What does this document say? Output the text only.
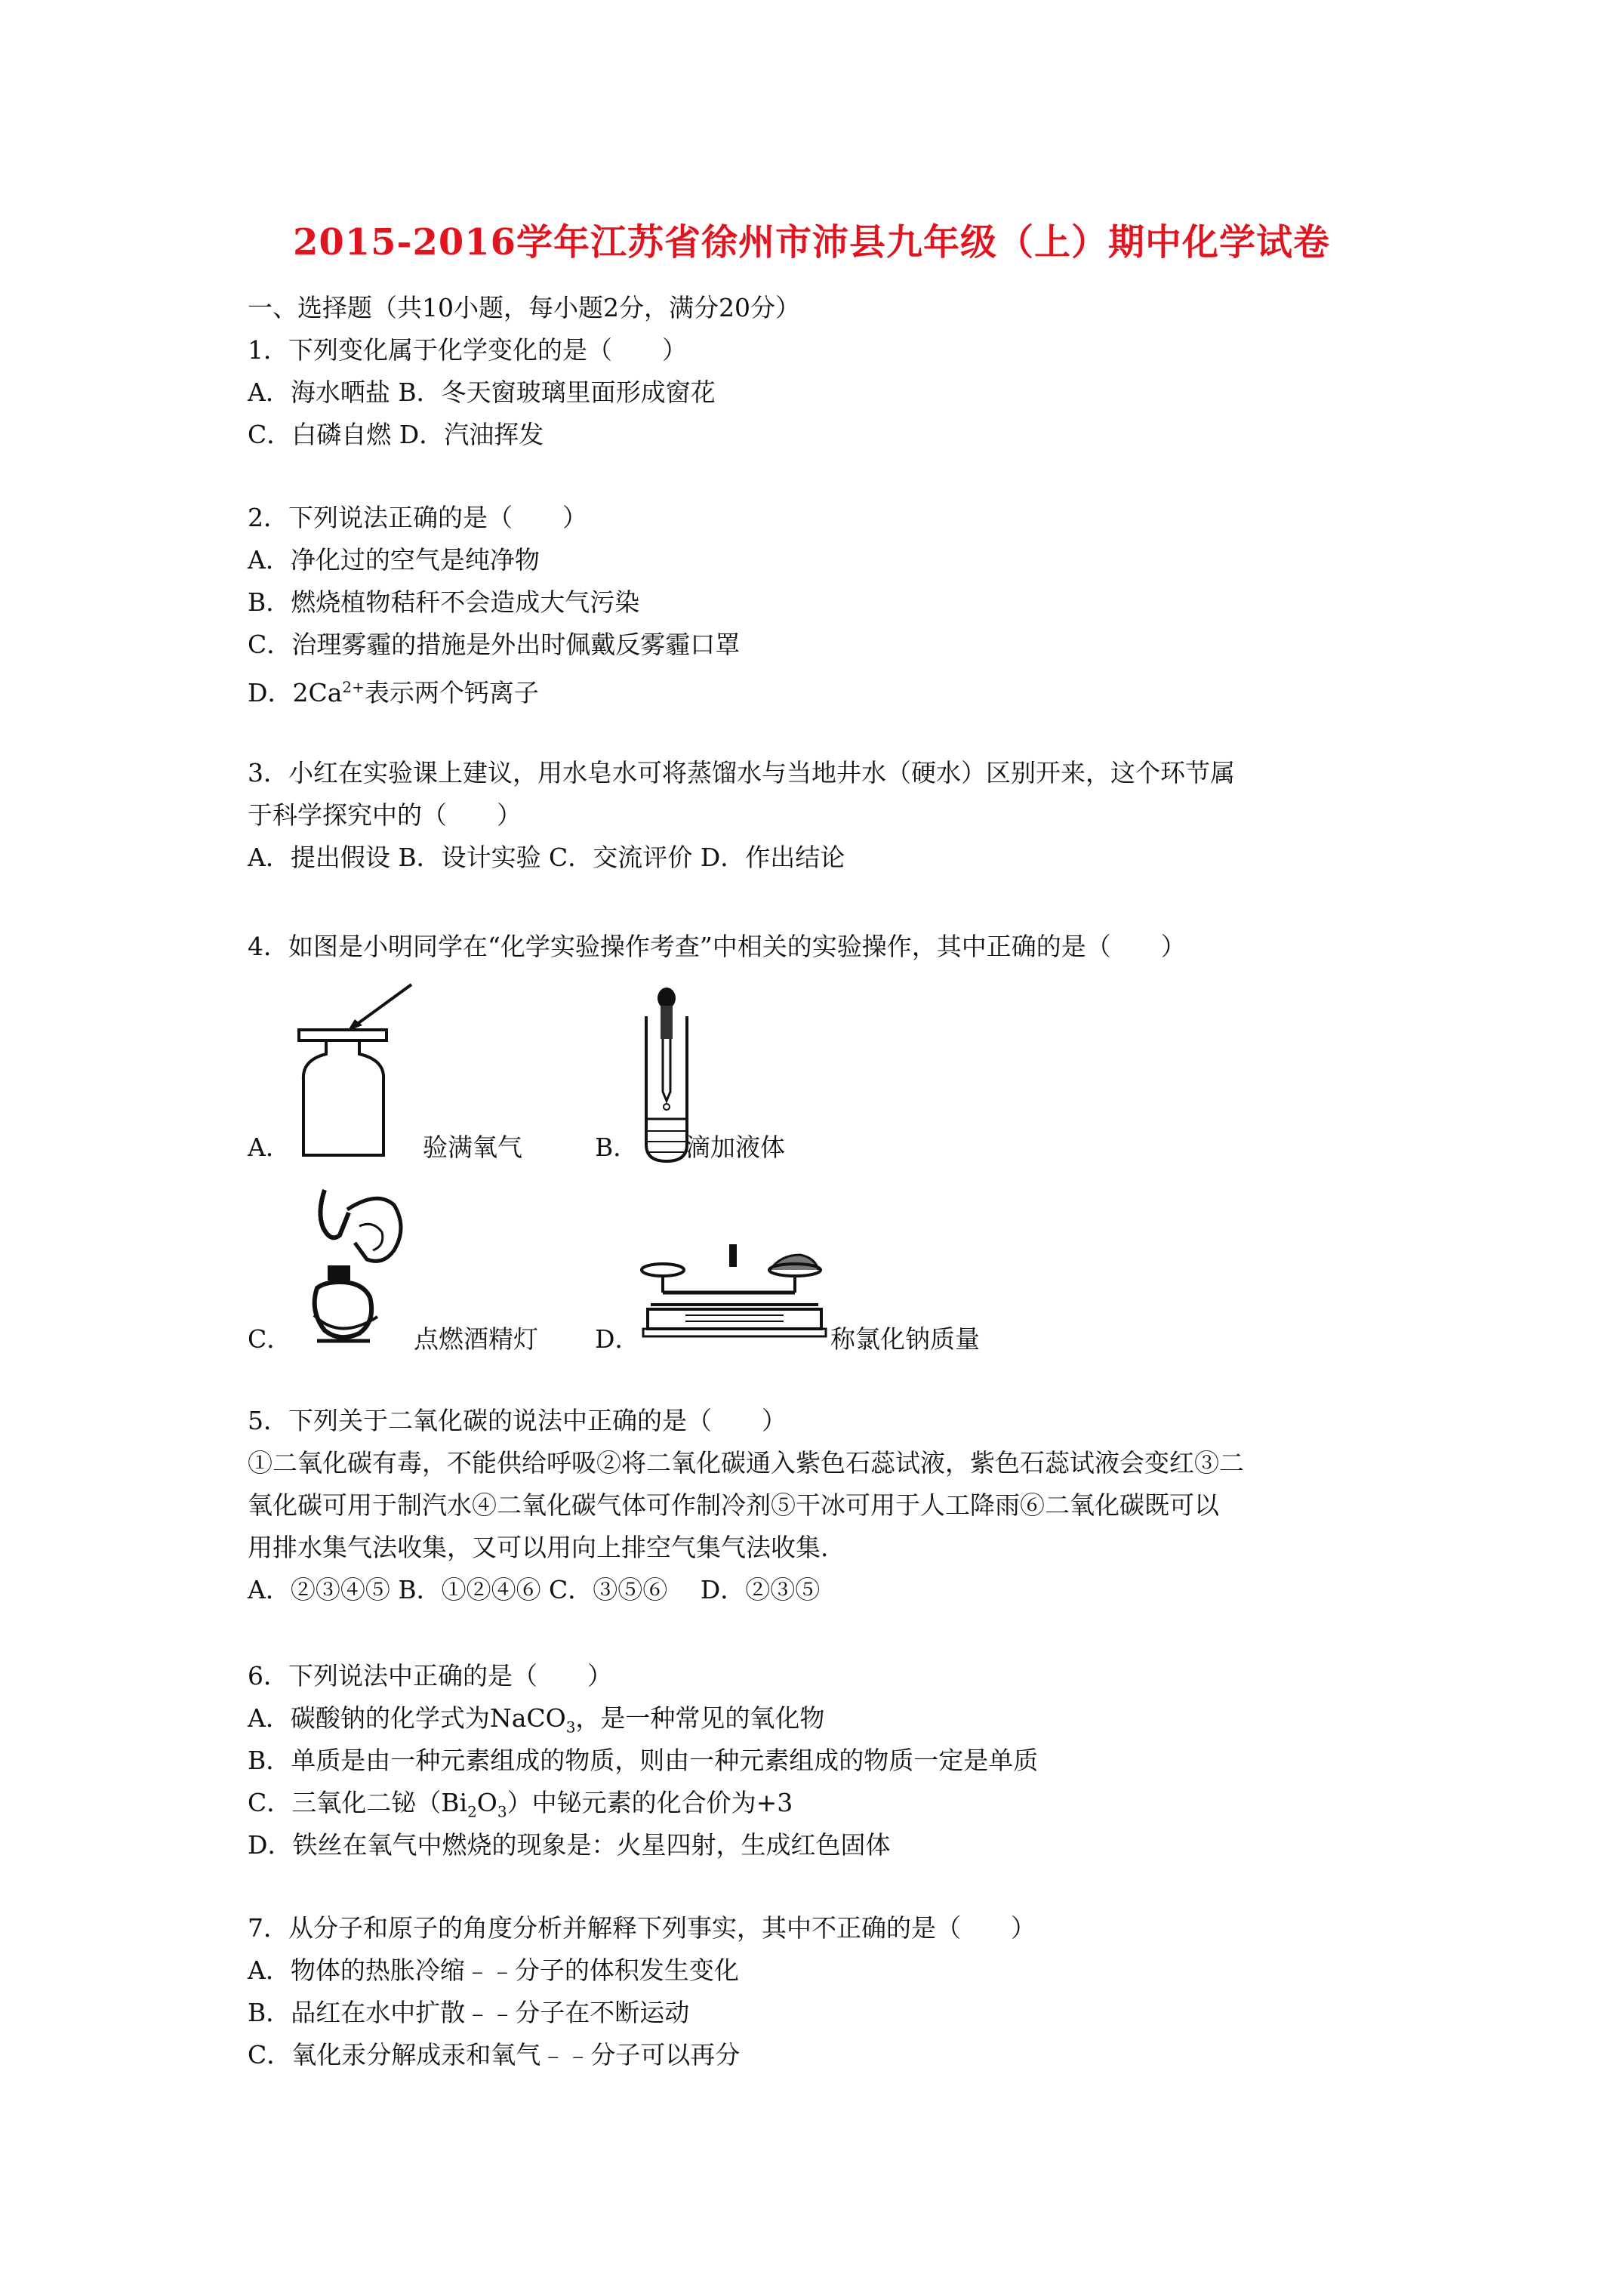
2015-2016学年江苏省徐州市沛县九年级（上）期中化学试卷
一、选择题（共10小题，每小题2分，满分20分）
1．下列变化属于化学变化的是（　　）
A．海水晒盐 B．冬天窗玻璃里面形成窗花
C．白磷自燃 D．汽油挥发
2．下列说法正确的是（　　）
A．净化过的空气是纯净物
B．燃烧植物秸秆不会造成大气污染
C．治理雾霾的措施是外出时佩戴反雾霾口罩
D．$2Ca^{2+}$表示两个钙离子
3．小红在实验课上建议，用水皂水可将蒸馏水与当地井水（硬水）区别开来，这个环节属
于科学探究中的（　　）
A．提出假设 B．设计实验 C．交流评价 D．作出结论
4．如图是小明同学在“化学实验操作考查”中相关的实验操作，其中正确的是（　　）
A．	验满氧气	B． 滴加液体
C．	点燃酒精灯 D．	称氯化钠质量
5．下列关于二氧化碳的说法中正确的是（　　）
①二氧化碳有毒，不能供给呼吸②将二氧化碳通入紫色石蕊试液，紫色石蕊试液会变红③二
氧化碳可用于制汽水④二氧化碳气体可作制冷剂⑤干冰可用于人工降雨⑥二氧化碳既可以
用排水集气法收集，又可以用向上排空气集气法收集.
A．②③④⑤ B．①②④⑥ C．③⑤⑥　 D．②③⑤
6．下列说法中正确的是（　　）
A．碳酸钠的化学式为NaCO$_3$，是一种常见的氧化物
B．单质是由一种元素组成的物质，则由一种元素组成的物质一定是单质
C．三氧化二铋$(Bi_2O_3)$中铋元素的化合价为+3
D．铁丝在氧气中燃烧的现象是：火星四射，生成红色固体
7．从分子和原子的角度分析并解释下列事实，其中不正确的是（　　）
A．物体的热胀冷缩﹣﹣分子的体积发生变化
B．品红在水中扩散﹣﹣分子在不断运动
C．氧化汞分解成汞和氧气﹣﹣分子可以再分
